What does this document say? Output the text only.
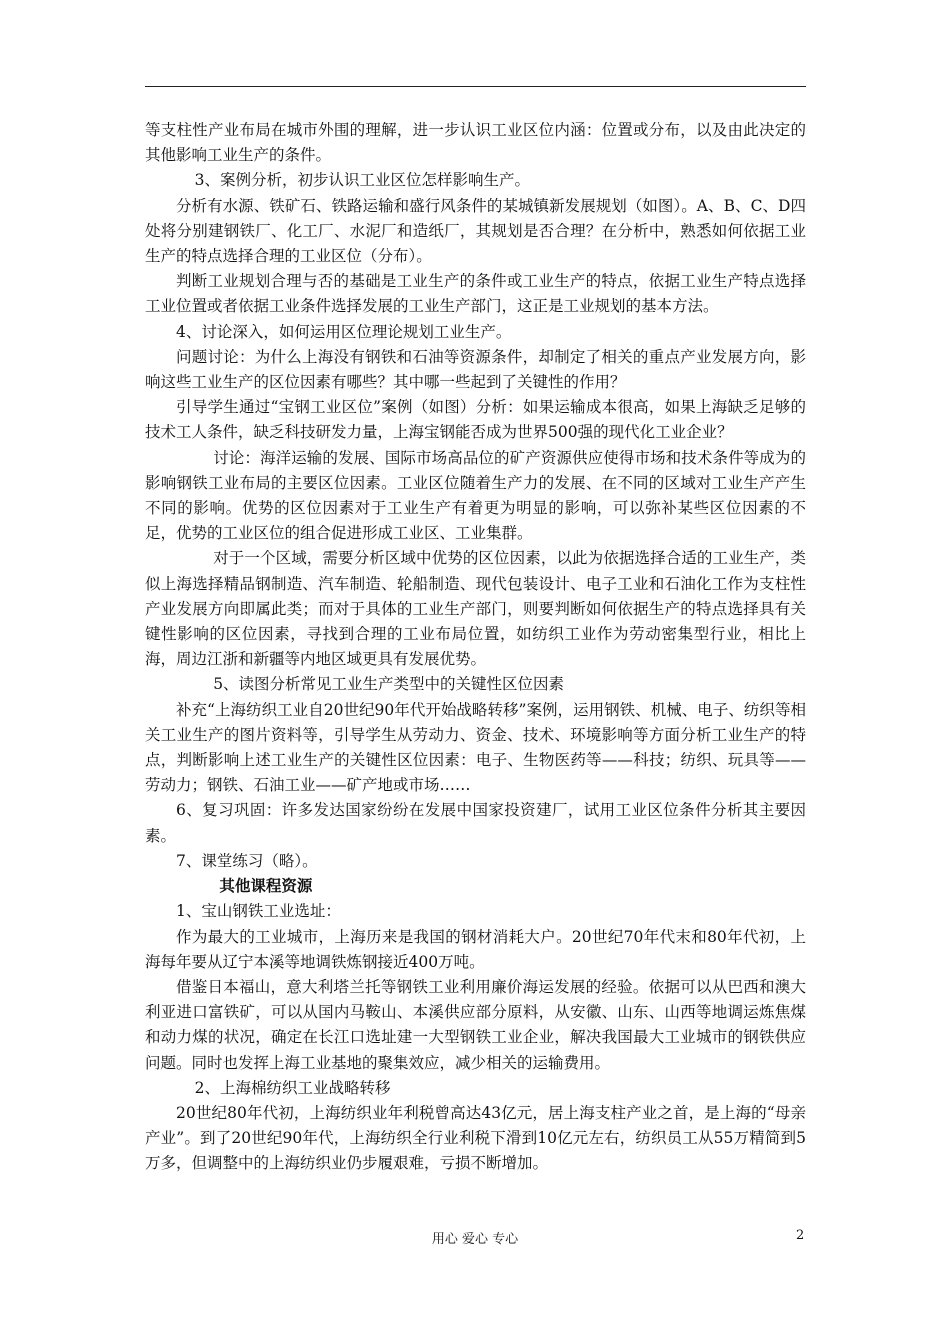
等支柱性产业布局在城市外围的理解，进一步认识工业区位内涵：位置或分布，以及由此决定的其他影响工业生产的条件。

3、案例分析，初步认识工业区位怎样影响生产。

分析有水源、铁矿石、铁路运输和盛行风条件的某城镇新发展规划（如图）。A、B、C、D四处将分别建钢铁厂、化工厂、水泥厂和造纸厂，其规划是否合理？在分析中，熟悉如何依据工业生产的特点选择合理的工业区位（分布）。

判断工业规划合理与否的基础是工业生产的条件或工业生产的特点，依据工业生产特点选择工业位置或者依据工业条件选择发展的工业生产部门，这正是工业规划的基本方法。

4、讨论深入，如何运用区位理论规划工业生产。

问题讨论：为什么上海没有钢铁和石油等资源条件，却制定了相关的重点产业发展方向，影响这些工业生产的区位因素有哪些？其中哪一些起到了关键性的作用？

引导学生通过“宝钢工业区位”案例（如图）分析：如果运输成本很高，如果上海缺乏足够的技术工人条件，缺乏科技研发力量，上海宝钢能否成为世界500强的现代化工业企业？

讨论：海洋运输的发展、国际市场高品位的矿产资源供应使得市场和技术条件等成为的影响钢铁工业布局的主要区位因素。工业区位随着生产力的发展、在不同的区域对工业生产产生不同的影响。优势的区位因素对于工业生产有着更为明显的影响，可以弥补某些区位因素的不足，优势的工业区位的组合促进形成工业区、工业集群。

对于一个区域，需要分析区域中优势的区位因素，以此为依据选择合适的工业生产，类似上海选择精品钢制造、汽车制造、轮船制造、现代包装设计、电子工业和石油化工作为支柱性产业发展方向即属此类；而对于具体的工业生产部门，则要判断如何依据生产的特点选择具有关键性影响的区位因素，寻找到合理的工业布局位置，如纺织工业作为劳动密集型行业，相比上海，周边江浙和新疆等内地区域更具有发展优势。

5、读图分析常见工业生产类型中的关键性区位因素

补充“上海纺织工业自20世纪90年代开始战略转移”案例，运用钢铁、机械、电子、纺织等相关工业生产的图片资料等，引导学生从劳动力、资金、技术、环境影响等方面分析工业生产的特点，判断影响上述工业生产的关键性区位因素：电子、生物医药等——科技；纺织、玩具等——劳动力；钢铁、石油工业——矿产地或市场……

6、复习巩固：许多发达国家纷纷在发展中国家投资建厂，试用工业区位条件分析其主要因素。

7、课堂练习（略）。

其他课程资源

1、宝山钢铁工业选址：

作为最大的工业城市，上海历来是我国的钢材消耗大户。20世纪70年代末和80年代初，上海每年要从辽宁本溪等地调铁炼钢接近400万吨。

借鉴日本福山，意大利塔兰托等钢铁工业利用廉价海运发展的经验。依据可以从巴西和澳大利亚进口富铁矿，可以从国内马鞍山、本溪供应部分原料，从安徽、山东、山西等地调运炼焦煤和动力煤的状况，确定在长江口选址建一大型钢铁工业企业，解决我国最大工业城市的钢铁供应问题。同时也发挥上海工业基地的聚集效应，减少相关的运输费用。

2、上海棉纺织工业战略转移

20世纪80年代初，上海纺织业年利税曾高达43亿元，居上海支柱产业之首，是上海的“母亲产业”。到了20世纪90年代，上海纺织全行业利税下滑到10亿元左右，纺织员工从55万精简到5万多，但调整中的上海纺织业仍步履艰难，亏损不断增加。

用心 爱心 专心	2
